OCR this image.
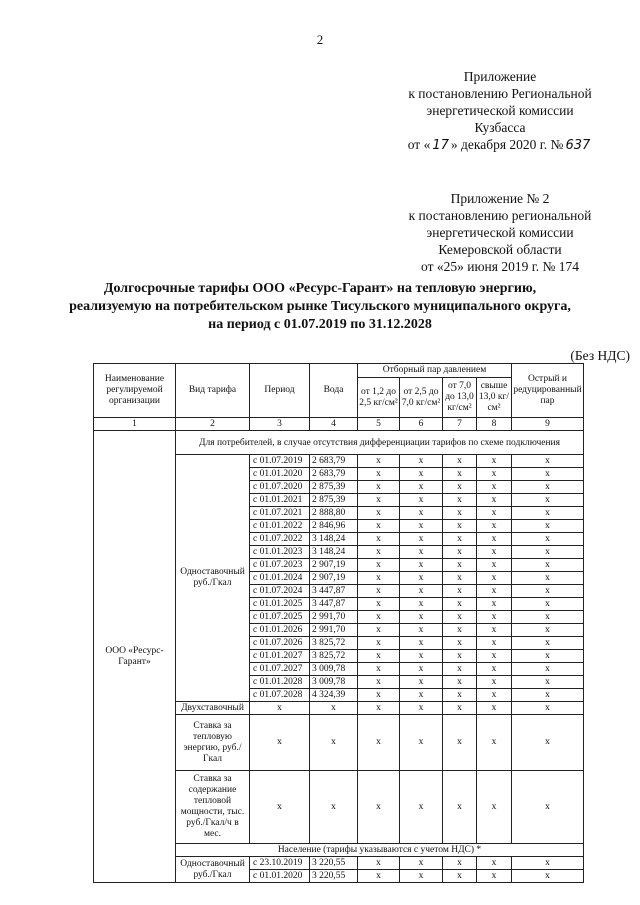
2
Приложение
к постановлению Региональной
энергетической комиссии
Кузбасса
от « 17 » декабря 2020 г. № 637
Приложение № 2
к постановлению региональной
энергетической комиссии
Кемеровской области
от «25» июня 2019 г. № 174
Долгосрочные тарифы ООО «Ресурс-Гарант» на тепловую энергию,
реализуемую на потребительском рынке Тисульского муниципального округа,
на период с 01.07.2019 по 31.12.2028
(Без НДС)
Наименование регулируемой организации	Вид тарифа	Период	Вода	Отборный пар давлением				Острый и редуцированный пар
				от 1,2 до 2,5 кг/см²	от 2,5 до 7,0 кг/см²	от 7,0 до 13,0 кг/см²	свыше 13,0 кг/см²	
1	2	3	4	5	6	7	8	9
ООО «Ресурс-Гарант»	Для потребителей, в случае отсутствия дифференциации тарифов по схеме подключения							
	Одноставочный руб./Гкал	с 01.07.2019	2 683,79	х	х	х	х	х
		с 01.01.2020	2 683,79	х	х	х	х	х
		с 01.07.2020	2 875,39	х	х	х	х	х
		с 01.01.2021	2 875,39	х	х	х	х	х
		с 01.07.2021	2 888,80	х	х	х	х	х
		с 01.01.2022	2 846,96	х	х	х	х	х
		с 01.07.2022	3 148,24	х	х	х	х	х
		с 01.01.2023	3 148,24	х	х	х	х	х
		с 01.07.2023	2 907,19	х	х	х	х	х
		с 01.01.2024	2 907,19	х	х	х	х	х
		с 01.07.2024	3 447,87	х	х	х	х	х
		с 01.01.2025	3 447,87	х	х	х	х	х
		с 01.07.2025	2 991,70	х	х	х	х	х
		с 01.01.2026	2 991,70	х	х	х	х	х
		с 01.07.2026	3 825,72	х	х	х	х	х
		с 01.01.2027	3 825,72	х	х	х	х	х
		с 01.07.2027	3 009,78	х	х	х	х	х
		с 01.01.2028	3 009,78	х	х	х	х	х
		с 01.07.2028	4 324,39	х	х	х	х	х
	Двухставочный	х	х	х	х	х	х	х
	Ставка за тепловую энергию, руб./Гкал	х	х	х	х	х	х	х
	Ставка за содержание тепловой мощности, тыс. руб./Гкал/ч в мес.	х	х	х	х	х	х	х
	Население (тарифы указываются с учетом НДС) *							
	Одноставочный руб./Гкал	с 23.10.2019	3 220,55	х	х	х	х	х
		с 01.01.2020	3 220,55	х	х	х	х	х
